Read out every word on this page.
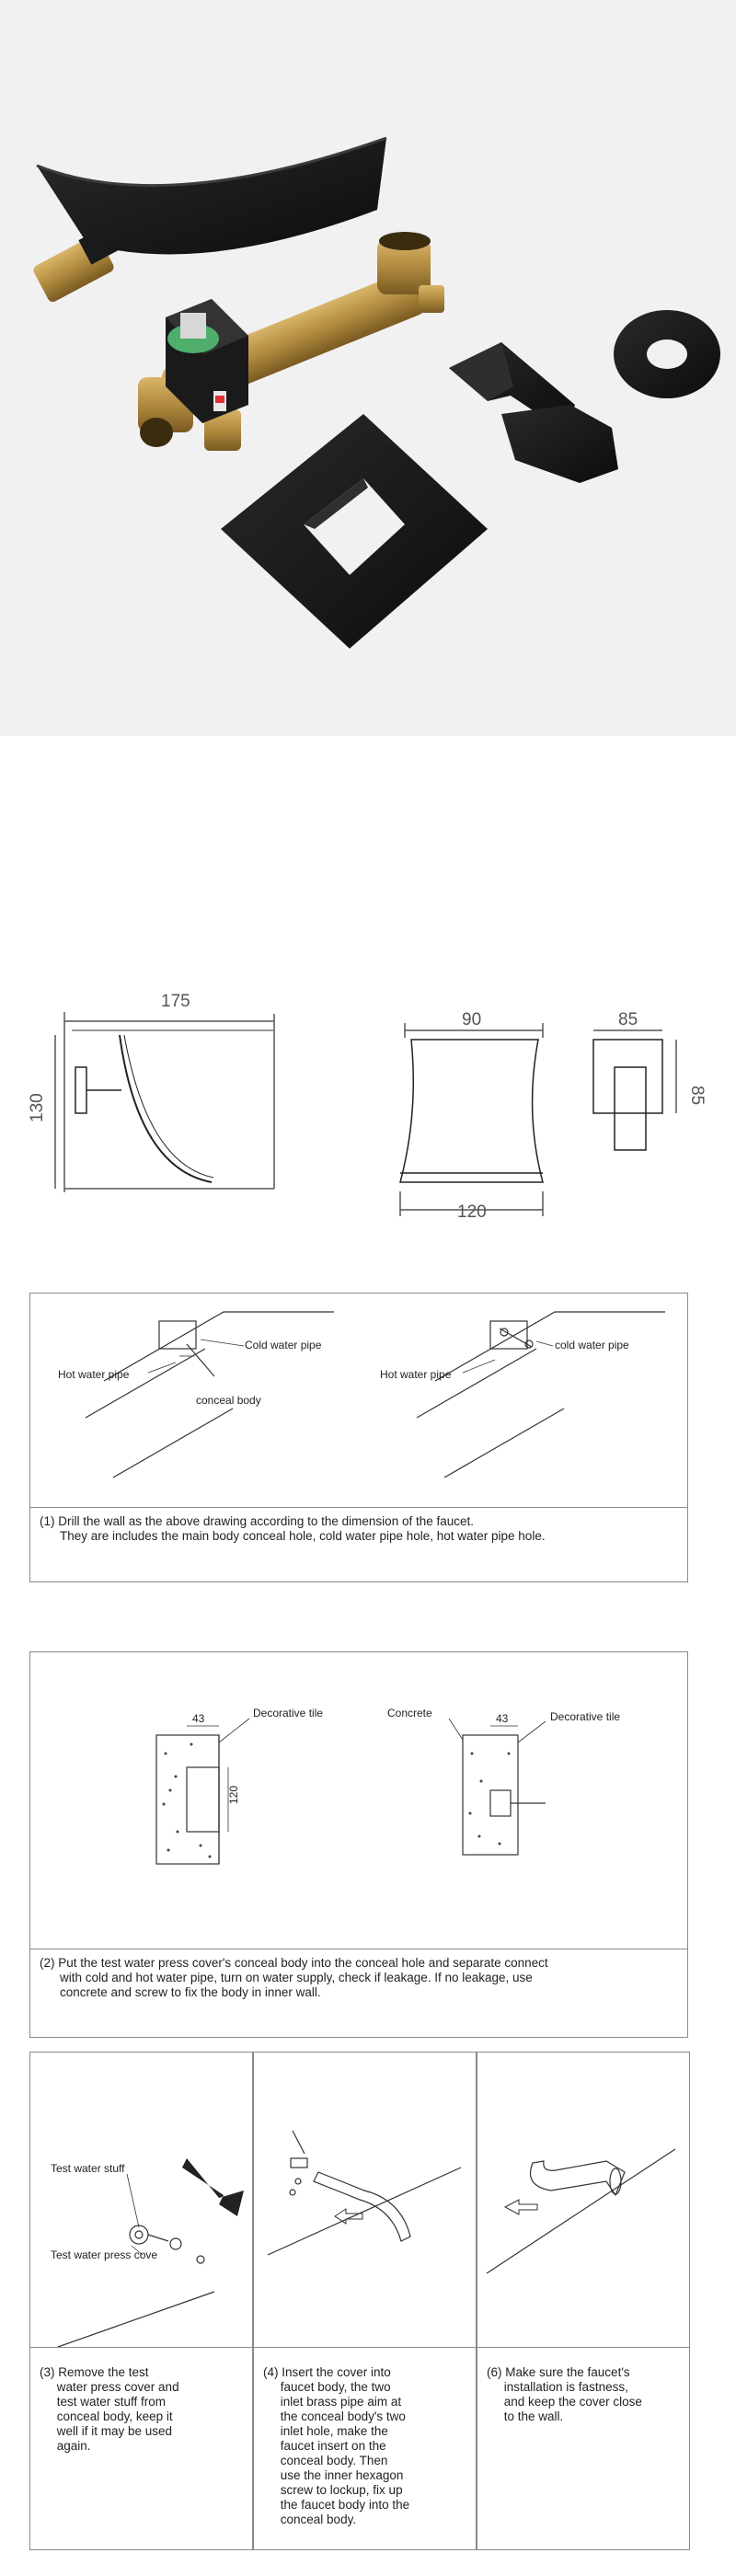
175
130
90
120
85
85
Hot water pipe
Cold water pipe
conceal body
Hot water pipe
cold water pipe
(1) Drill the wall as the above drawing according to the dimension of the faucet.
They are includes the main body conceal hole, cold water pipe hole, hot water pipe hole.
43
120
Decorative tile	Concrete	43	Decorative tile
(2) Put the test water press cover's conceal body into the conceal hole and separate connect
with cold and hot water pipe, turn on water supply, check if leakage. If no leakage, use
concrete and screw to fix the body in inner wall.
Test water stuff
Test water press cove
(3) Remove the test
water press cover and
test water stuff from
conceal body, keep it
well if it may be used
again.
(4) Insert the cover into
faucet body, the two
inlet brass pipe aim at
the conceal body's two
inlet hole, make the
faucet insert on the
conceal body. Then
use the inner hexagon
screw to lockup, fix up
the faucet body into the
conceal body.
(6) Make sure the faucet's
installation is fastness,
and keep the cover close
to the wall.
